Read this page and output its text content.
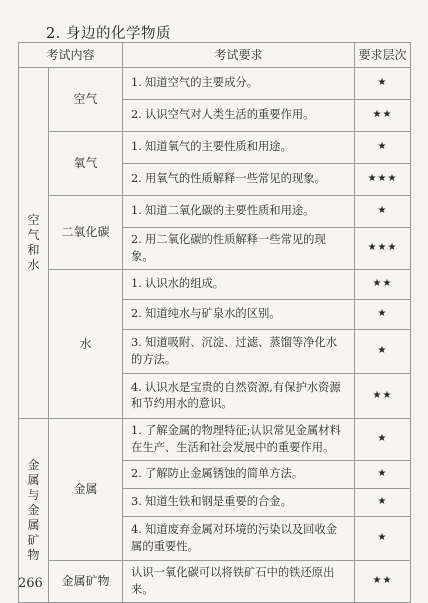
2. 身边的化学物质
考试内容		考试要求	要求层次
空气和水	空气	1. 知道空气的主要成分。	★
		2. 认识空气对人类生活的重要作用。	★★
	氧气	1. 知道氧气的主要性质和用途。	★
		2. 用氧气的性质解释一些常见的现象。	★★★
	二氧化碳	1. 知道二氧化碳的主要性质和用途。	★
		2. 用二氧化碳的性质解释一些常见的现象。	★★★
	水	1. 认识水的组成。	★★
		2. 知道纯水与矿泉水的区别。	★
		3. 知道吸附、沉淀、过滤、蒸馏等净化水的方法。	★
		4. 认识水是宝贵的自然资源,有保护水资源和节约用水的意识。	★★
金属与金属矿物	金属	1. 了解金属的物理特征;认识常见金属材料在生产、生活和社会发展中的重要作用。	★
		2. 了解防止金属锈蚀的简单方法。	★
		3. 知道生铁和钢是重要的合金。	★
		4. 知道废弃金属对环境的污染以及回收金属的重要性。	★
	金属矿物	认识一氧化碳可以将铁矿石中的铁还原出来。	★★
266
